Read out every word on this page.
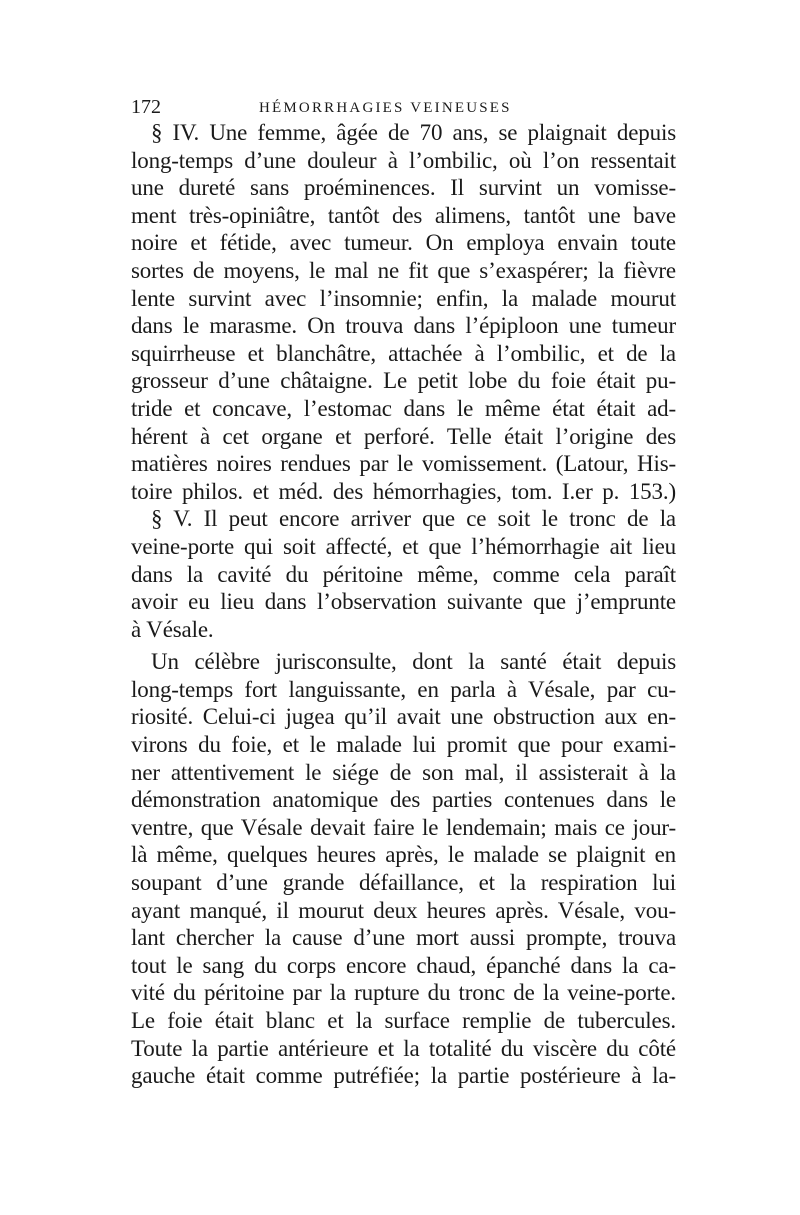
172	HÉMORRHAGIES VEINEUSES
§ IV. Une femme, âgée de 70 ans, se plaignait depuis
long-temps d’une douleur à l’ombilic, où l’on ressentait
une dureté sans proéminences. Il survint un vomisse-
ment très-opiniâtre, tantôt des alimens, tantôt une bave
noire et fétide, avec tumeur. On employa envain toute
sortes de moyens, le mal ne fit que s’exaspérer; la fièvre
lente survint avec l’insomnie; enfin, la malade mourut
dans le marasme. On trouva dans l’épiploon une tumeur
squirrheuse et blanchâtre, attachée à l’ombilic, et de la
grosseur d’une châtaigne. Le petit lobe du foie était pu-
tride et concave, l’estomac dans le même état était ad-
hérent à cet organe et perforé. Telle était l’origine des
matières noires rendues par le vomissement. (Latour, His-
toire philos. et méd. des hémorrhagies, tom. I.er p. 153.)
§ V. Il peut encore arriver que ce soit le tronc de la
veine-porte qui soit affecté, et que l’hémorrhagie ait lieu
dans la cavité du péritoine même, comme cela paraît
avoir eu lieu dans l’observation suivante que j’emprunte
à Vésale.
Un célèbre jurisconsulte, dont la santé était depuis
long-temps fort languissante, en parla à Vésale, par cu-
riosité. Celui-ci jugea qu’il avait une obstruction aux en-
virons du foie, et le malade lui promit que pour exami-
ner attentivement le siége de son mal, il assisterait à la
démonstration anatomique des parties contenues dans le
ventre, que Vésale devait faire le lendemain; mais ce jour-
là même, quelques heures après, le malade se plaignit en
soupant d’une grande défaillance, et la respiration lui
ayant manqué, il mourut deux heures après. Vésale, vou-
lant chercher la cause d’une mort aussi prompte, trouva
tout le sang du corps encore chaud, épanché dans la ca-
vité du péritoine par la rupture du tronc de la veine-porte.
Le foie était blanc et la surface remplie de tubercules.
Toute la partie antérieure et la totalité du viscère du côté
gauche était comme putréfiée; la partie postérieure à la-
